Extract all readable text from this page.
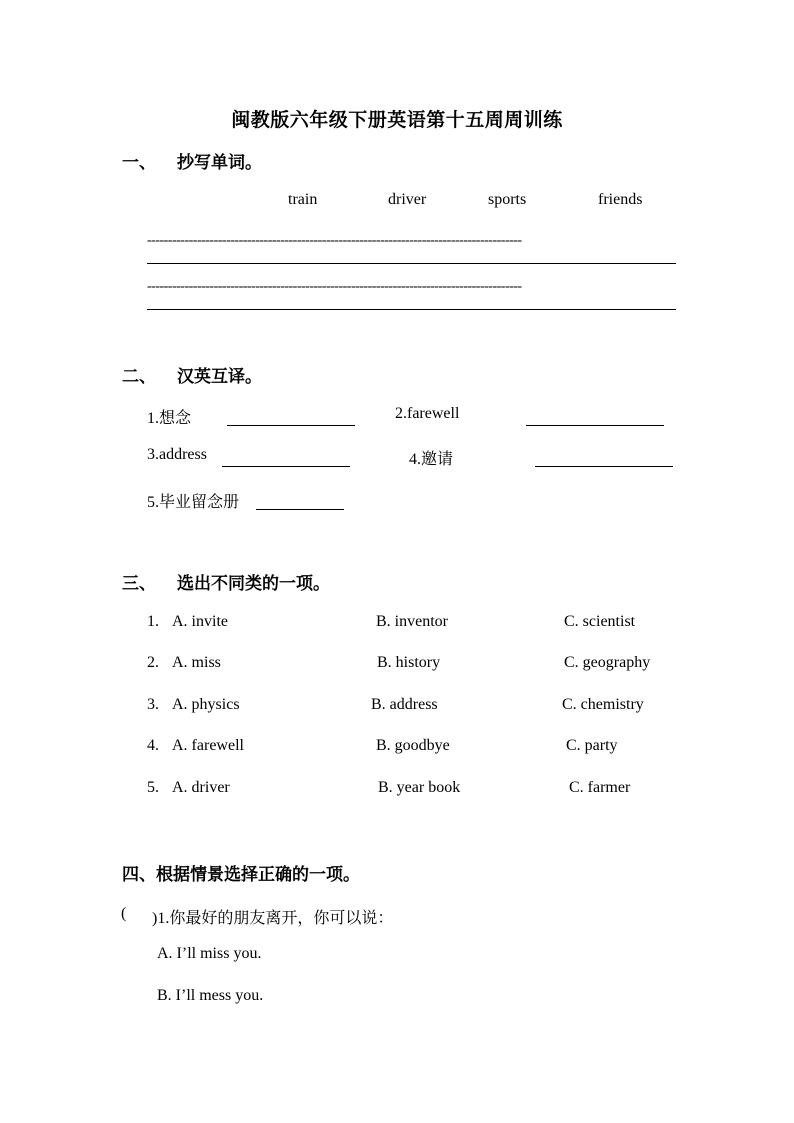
闽教版六年级下册英语第十五周周训练
一、 抄写单词。
train	driver	sports	friends
------------------------------------------------------------------------------------------
------------------------------------------------------------------------------------------
二、 汉英互译。
1.想念	2.farewell
3.address	4.邀请
5.毕业留念册
三、 选出不同类的一项。
1. A. invite	B. inventor	C. scientist
2. A. miss	B. history	C. geography
3. A. physics	B. address	C. chemistry
4. A. farewell	B. goodbye	C. party
5. A. driver	B. year book	C. farmer
四、根据情景选择正确的一项。
( )1.你最好的朋友离开，你可以说：
A. I’ll miss you.
B. I’ll mess you.
